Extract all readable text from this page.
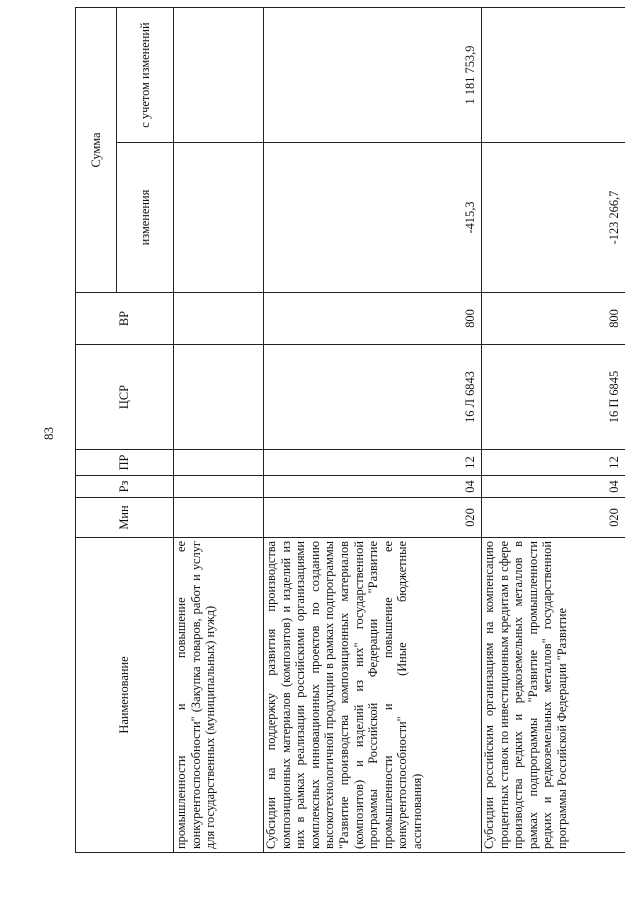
83
Наименование	Мин	Рз	ПР	ЦСР	ВР	Сумма	
						изменения	с учетом изменений
промышленности и повышение ее конкурентоспособности" (Закупка товаров, работ и услуг для государственных (муниципальных) нужд)							
Субсидии на поддержку развития производства композиционных материалов (композитов) и изделий из них в рамках реализации российскими организациями комплексных инновационных проектов по созданию высокотехнологичной продукции в рамках подпрограммы "Развитие производства композиционных материалов (композитов) и изделий из них" государственной программы Российской Федерации "Развитие промышленности и повышение ее конкурентоспособности" (Иные бюджетные ассигнования)	020	04	12	16 Л 6843	800	-415,3	1 181 753,9
Субсидии российским организациям на компенсацию процентных ставок по инвестиционным кредитам в сфере производства редких и редкоземельных металлов в рамках подпрограммы "Развитие промышленности редких и редкоземельных металлов" государственной программы Российской Федерации "Развитие	020	04	12	16 П 6845	800	-123 266,7	
